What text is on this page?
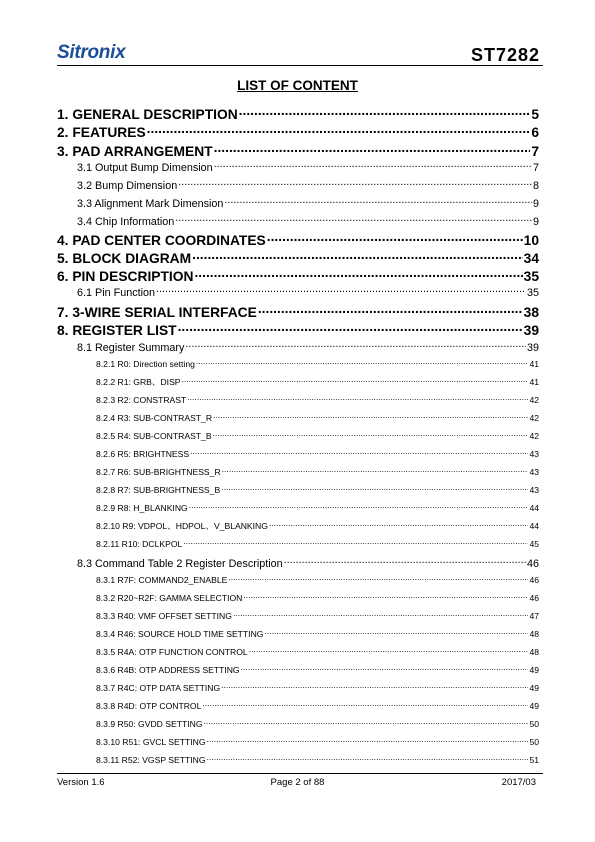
Sitronix	ST7282
LIST OF CONTENT
1. GENERAL DESCRIPTION .....	5
2. FEATURES .....	6
3. PAD ARRANGEMENT .....	7
3.1 Output Bump Dimension .....	7
3.2 Bump Dimension .....	8
3.3 Alignment Mark Dimension .....	9
3.4 Chip Information .....	9
4. PAD CENTER COORDINATES .....	10
5. BLOCK DIAGRAM .....	34
6. PIN DESCRIPTION .....	35
6.1 Pin Function .....	35
7. 3-WIRE SERIAL INTERFACE .....	38
8. REGISTER LIST .....	39
8.1 Register Summary .....	39
8.2.1 R0: Direction setting .....	41
8.2.2 R1: GRB、DISP .....	41
8.2.3 R2: CONSTRAST .....	42
8.2.4 R3: SUB-CONTRAST_R .....	42
8.2.5 R4: SUB-CONTRAST_B .....	42
8.2.6 R5: BRIGHTNESS .....	43
8.2.7 R6: SUB-BRIGHTNESS_R .....	43
8.2.8 R7: SUB-BRIGHTNESS_B .....	43
8.2.9 R8: H_BLANKING .....	44
8.2.10 R9: VDPOL、HDPOL、V_BLANKING .....	44
8.2.11 R10: DCLKPOL .....	45
8.3 Command Table 2 Register Description .....	46
8.3.1 R7F: COMMAND2_ENABLE .....	46
8.3.2 R20~R2F: GAMMA SELECTION .....	46
8.3.3 R40: VMF OFFSET SETTING .....	47
8.3.4 R46: SOURCE HOLD TIME SETTING .....	48
8.3.5 R4A: OTP FUNCTION CONTROL .....	48
8.3.6 R4B: OTP ADDRESS SETTING .....	49
8.3.7 R4C: OTP DATA SETTING .....	49
8.3.8 R4D: OTP CONTROL .....	49
8.3.9 R50: GVDD SETTING .....	50
8.3.10 R51: GVCL SETTING .....	50
8.3.11 R52: VGSP SETTING .....	51
Version 1.6	Page 2 of 88	2017/03
